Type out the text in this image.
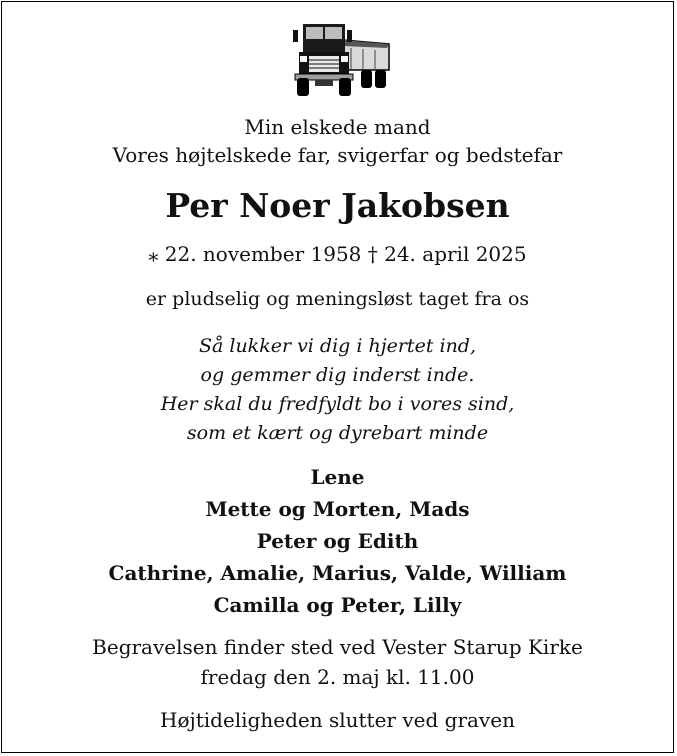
Min elskede mand
Vores højtelskede far, svigerfar og bedstefar
Per Noer Jakobsen
⁎ 22. november 1958 † 24. april 2025
er pludselig og meningsløst taget fra os
Så lukker vi dig i hjertet ind,
og gemmer dig inderst inde.
Her skal du fredfyldt bo i vores sind,
som et kært og dyrebart minde
Lene
Mette og Morten, Mads
Peter og Edith
Cathrine, Amalie, Marius, Valde, William
Camilla og Peter, Lilly
Begravelsen finder sted ved Vester Starup Kirke
fredag den 2. maj kl. 11.00
Højtideligheden slutter ved graven
